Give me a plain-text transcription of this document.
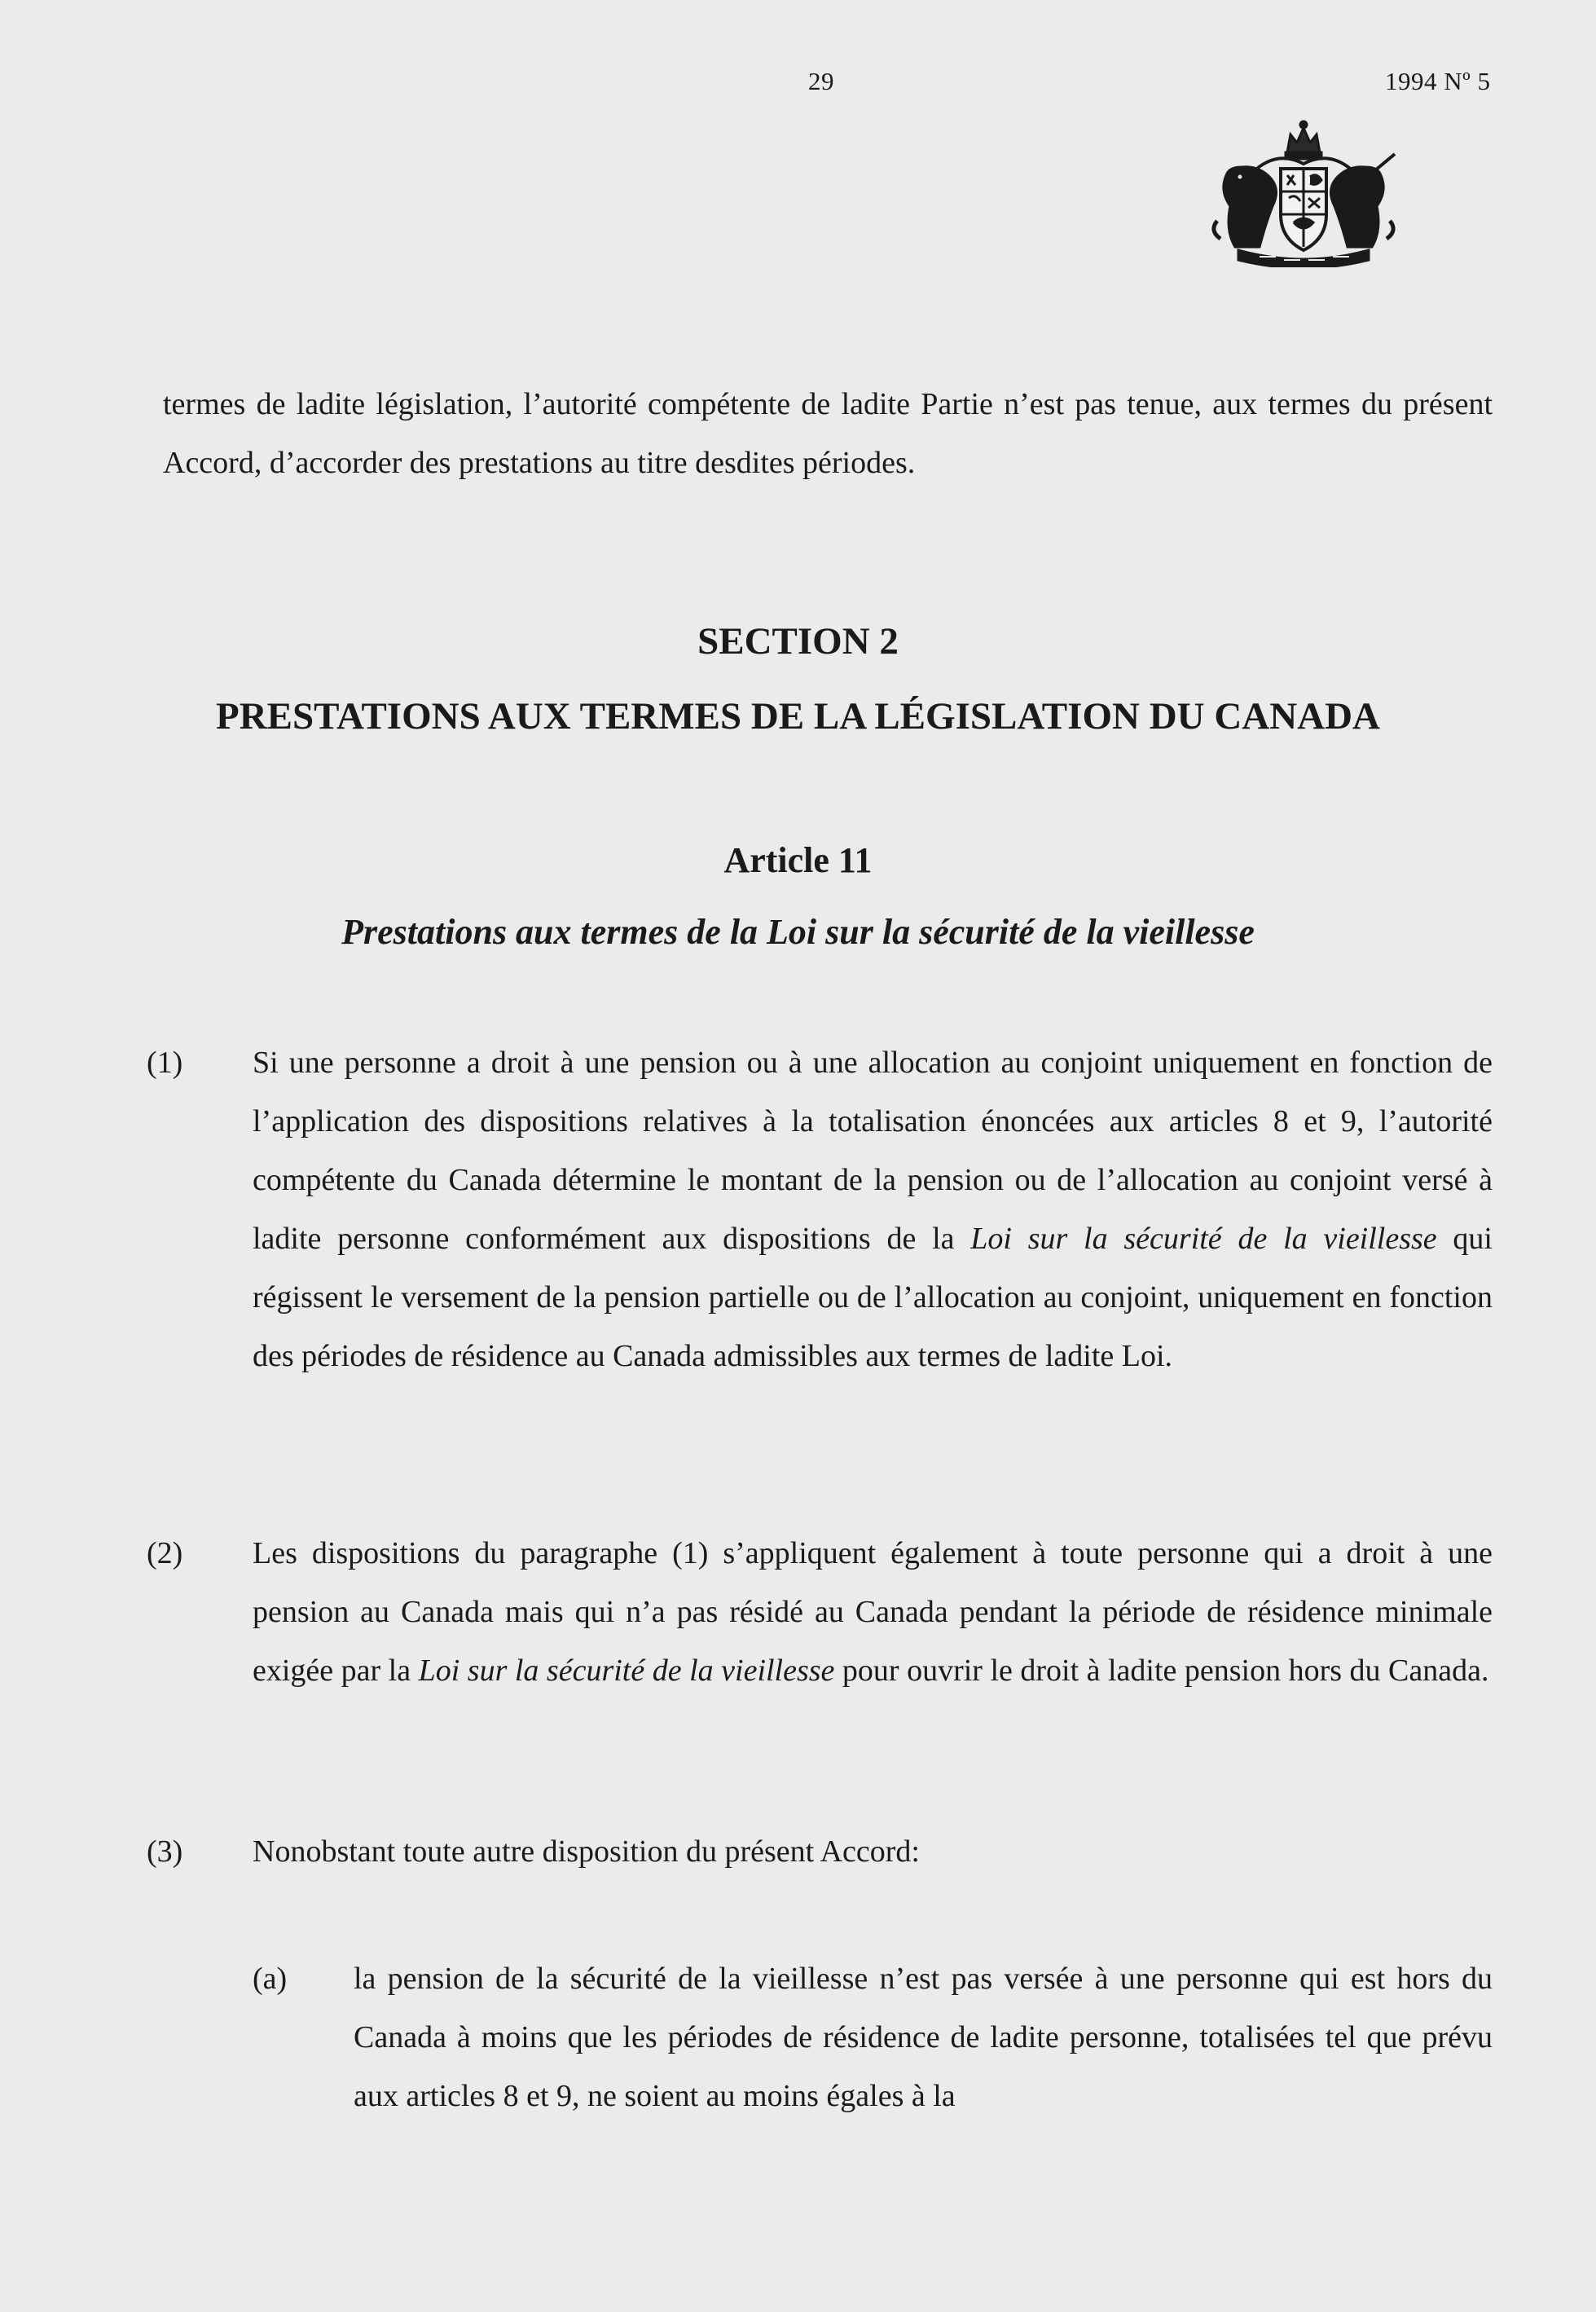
29	1994 Nº 5
termes de ladite législation, l’autorité compétente de ladite Partie n’est pas tenue, aux termes du présent Accord, d’accorder des prestations au titre desdites périodes.
SECTION 2
PRESTATIONS AUX TERMES DE LA LÉGISLATION DU CANADA
Article 11
Prestations aux termes de la Loi sur la sécurité de la vieillesse
(1) Si une personne a droit à une pension ou à une allocation au conjoint uniquement en fonction de l’application des dispositions relatives à la totalisation énoncées aux articles 8 et 9, l’autorité compétente du Canada détermine le montant de la pension ou de l’allocation au conjoint versé à ladite personne conformément aux dispositions de la Loi sur la sécurité de la vieillesse qui régissent le versement de la pension partielle ou de l’allocation au conjoint, uniquement en fonction des périodes de résidence au Canada admissibles aux termes de ladite Loi.
(2) Les dispositions du paragraphe (1) s’appliquent également à toute personne qui a droit à une pension au Canada mais qui n’a pas résidé au Canada pendant la période de résidence minimale exigée par la Loi sur la sécurité de la vieillesse pour ouvrir le droit à ladite pension hors du Canada.
(3) Nonobstant toute autre disposition du présent Accord:
(a) la pension de la sécurité de la vieillesse n’est pas versée à une personne qui est hors du Canada à moins que les périodes de résidence de ladite personne, totalisées tel que prévu aux articles 8 et 9, ne soient au moins égales à la
